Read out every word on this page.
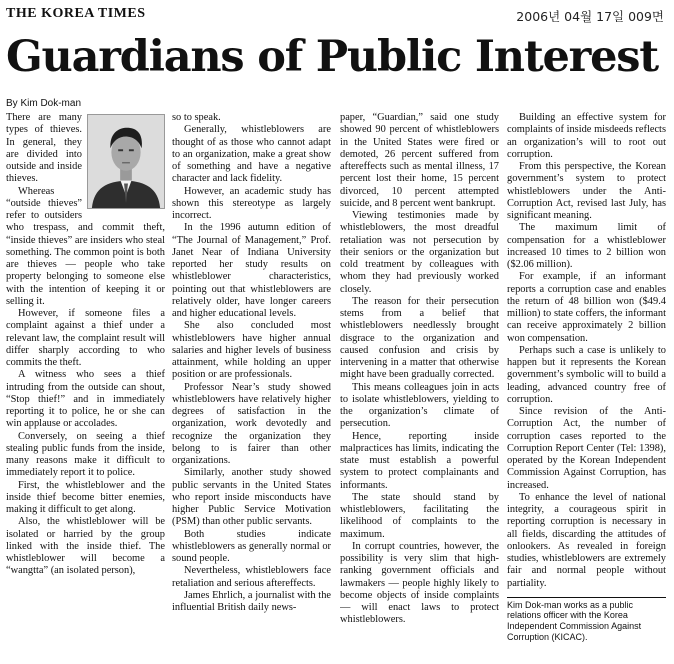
THE KOREA TIMES	2006년 04월 17일 009면
Guardians of Public Interest
By Kim Dok-man

There are many types of thieves. In general, they are divided into outside and inside thieves.

Whereas “outside thieves” refer to outsiders who trespass, and commit theft, “inside thieves” are insiders who steal something. The common point is both are thieves — people who take property belonging to someone else with the intention of keeping it or selling it.

However, if someone files a complaint against a thief under a relevant law, the complaint result will differ sharply according to who commits the theft.

A witness who sees a thief intruding from the outside can shout, “Stop thief!” and in immediately reporting it to police, he or she can win applause or accolades.

Conversely, on seeing a thief stealing public funds from the inside, many reasons make it difficult to immediately report it to police.

First, the whistleblower and the inside thief become bitter enemies, making it difficult to get along.

Also, the whistleblower will be isolated or harried by the group linked with the inside thief. The whistleblower will become a “wangtta” (an isolated person),

so to speak.

Generally, whistleblowers are thought of as those who cannot adapt to an organization, make a great show of something and have a negative character and lack fidelity.

However, an academic study has shown this stereotype as largely incorrect.

In the 1996 autumn edition of “The Journal of Management,” Prof. Janet Near of Indiana University reported her study results on whistleblower characteristics, pointing out that whistleblowers are relatively older, have longer careers and higher educational levels.

She also concluded most whistleblowers have higher annual salaries and higher levels of business attainment, while holding an upper position or are professionals.

Professor Near’s study showed whistleblowers have relatively higher degrees of satisfaction in the organization, work devotedly and recognize the organization they belong to is fairer than other organizations.

Similarly, another study showed public servants in the United States who report inside misconducts have higher Public Service Motivation (PSM) than other public servants.

Both studies indicate whistleblowers as generally normal or sound people.

Nevertheless, whistleblowers face retaliation and serious aftereffects.

James Ehrlich, a journalist with the influential British daily news-

paper, “Guardian,” said one study showed 90 percent of whistleblowers in the United States were fired or demoted, 26 percent suffered from aftereffects such as mental illness, 17 percent lost their home, 15 percent divorced, 10 percent attempted suicide, and 8 percent went bankrupt.

Viewing testimonies made by whistleblowers, the most dreadful retaliation was not persecution by their seniors or the organization but cold treatment by colleagues with whom they had previously worked closely.

The reason for their persecution stems from a belief that whistleblowers needlessly brought disgrace to the organization and caused confusion and crisis by intervening in a matter that otherwise might have been gradually corrected.

This means colleagues join in acts to isolate whistleblowers, yielding to the organization’s climate of persecution.

Hence, reporting inside malpractices has limits, indicating the state must establish a powerful system to protect complainants and informants.

The state should stand by whistleblowers, facilitating the likelihood of complaints to the maximum.

In corrupt countries, however, the possibility is very slim that high-ranking government officials and lawmakers — people highly likely to become objects of inside complaints — will enact laws to protect whistleblowers.

Building an effective system for complaints of inside misdeeds reflects an organization’s will to root out corruption.

From this perspective, the Korean government’s system to protect whistleblowers under the Anti-Corruption Act, revised last July, has significant meaning.

The maximum limit of compensation for a whistleblower increased 10 times to 2 billion won ($2.06 million).

For example, if an informant reports a corruption case and enables the return of 48 billion won ($49.4 million) to state coffers, the informant can receive approximately 2 billion won compensation.

Perhaps such a case is unlikely to happen but it represents the Korean government’s symbolic will to build a leading, advanced country free of corruption.

Since revision of the Anti-Corruption Act, the number of corruption cases reported to the Corruption Report Center (Tel: 1398), operated by the Korean Independent Commission Against Corruption, has increased.

To enhance the level of national integrity, a courageous spirit in reporting corruption is necessary in all fields, discarding the attitudes of onlookers. As revealed in foreign studies, whistleblowers are extremely fair and normal people without partiality.

Kim Dok-man works as a public relations officer with the Korea Independent Commission Against Corruption (KICAC).
